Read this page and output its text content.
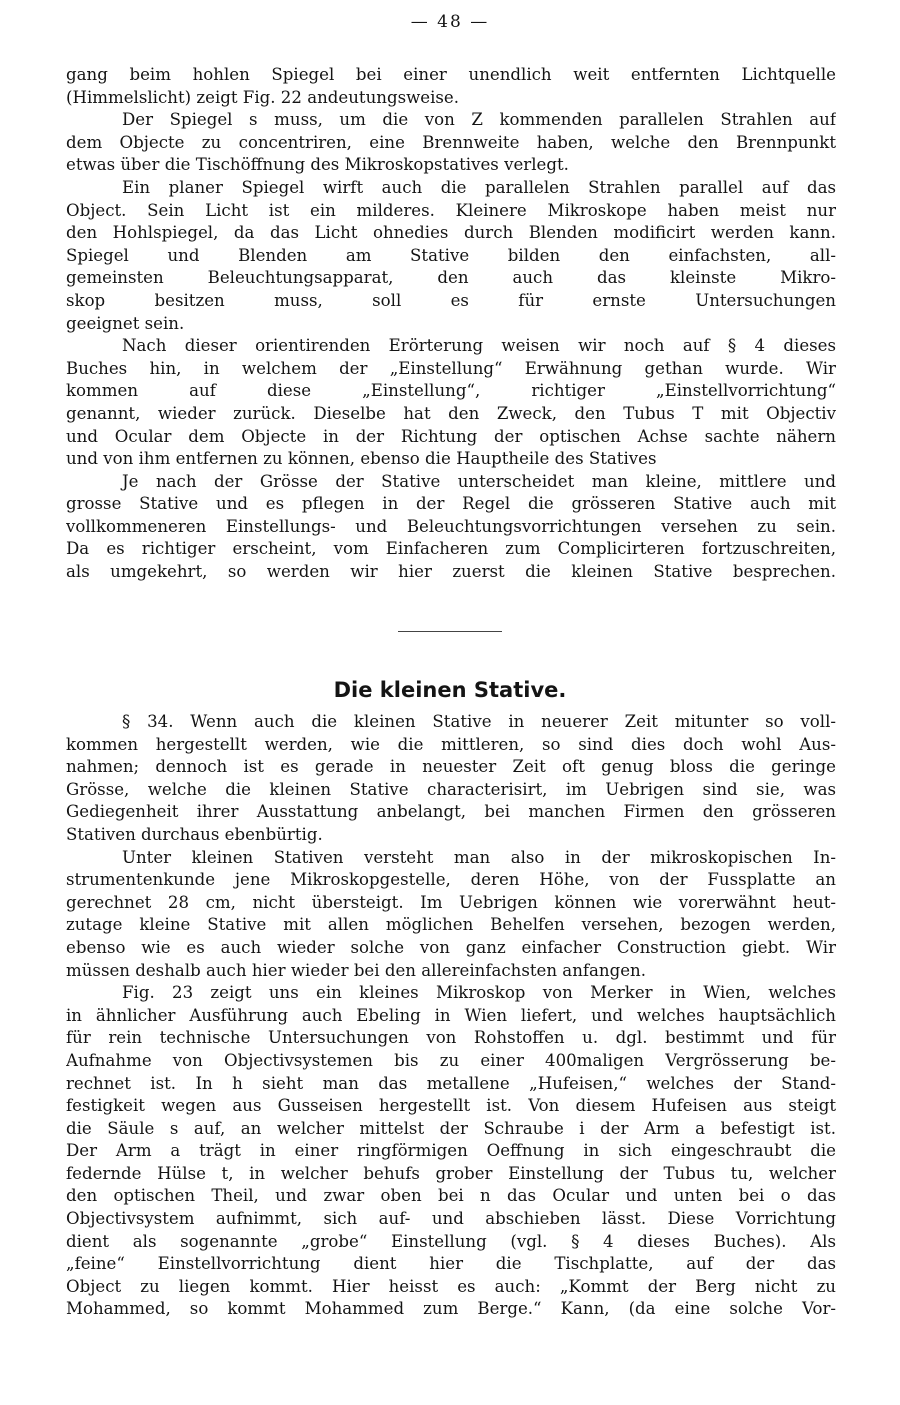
— 48 —
gang beim hohlen Spiegel bei einer unendlich weit entfernten Lichtquelle
(Himmelslicht) zeigt Fig. 22 andeutungsweise.
Der Spiegel s muss, um die von Z kommenden parallelen Strahlen auf
dem Objecte zu concentriren, eine Brennweite haben, welche den Brennpunkt
etwas über die Tischöffnung des Mikroskopstatives verlegt.
Ein planer Spiegel wirft auch die parallelen Strahlen parallel auf das
Object. Sein Licht ist ein milderes. Kleinere Mikroskope haben meist nur
den Hohlspiegel, da das Licht ohnedies durch Blenden modificirt werden kann.
Spiegel und Blenden am Stative bilden den einfachsten, all-
gemeinsten Beleuchtungsapparat, den auch das kleinste Mikro-
skop besitzen muss, soll es für ernste Untersuchungen
geeignet sein.
Nach dieser orientirenden Erörterung weisen wir noch auf § 4 dieses
Buches hin, in welchem der „Einstellung“ Erwähnung gethan wurde. Wir
kommen auf diese „Einstellung“, richtiger „Einstellvorrichtung“
genannt, wieder zurück. Dieselbe hat den Zweck, den Tubus T mit Objectiv
und Ocular dem Objecte in der Richtung der optischen Achse sachte nähern
und von ihm entfernen zu können, ebenso die Hauptheile des Statives
Je nach der Grösse der Stative unterscheidet man kleine, mittlere und
grosse Stative und es pflegen in der Regel die grösseren Stative auch mit
vollkommeneren Einstellungs- und Beleuchtungsvorrichtungen versehen zu sein.
Da es richtiger erscheint, vom Einfacheren zum Complicirteren fortzuschreiten,
als umgekehrt, so werden wir hier zuerst die kleinen Stative besprechen.
Die kleinen Stative.
§ 34. Wenn auch die kleinen Stative in neuerer Zeit mitunter so voll-
kommen hergestellt werden, wie die mittleren, so sind dies doch wohl Aus-
nahmen; dennoch ist es gerade in neuester Zeit oft genug bloss die geringe
Grösse, welche die kleinen Stative characterisirt, im Uebrigen sind sie, was
Gediegenheit ihrer Ausstattung anbelangt, bei manchen Firmen den grösseren
Stativen durchaus ebenbürtig.
Unter kleinen Stativen versteht man also in der mikroskopischen In-
strumentenkunde jene Mikroskopgestelle, deren Höhe, von der Fussplatte an
gerechnet 28 cm, nicht übersteigt. Im Uebrigen können wie vorerwähnt heut-
zutage kleine Stative mit allen möglichen Behelfen versehen, bezogen werden,
ebenso wie es auch wieder solche von ganz einfacher Construction giebt. Wir
müssen deshalb auch hier wieder bei den allereinfachsten anfangen.
Fig. 23 zeigt uns ein kleines Mikroskop von Merker in Wien, welches
in ähnlicher Ausführung auch Ebeling in Wien liefert, und welches hauptsächlich
für rein technische Untersuchungen von Rohstoffen u. dgl. bestimmt und für
Aufnahme von Objectivsystemen bis zu einer 400maligen Vergrösserung be-
rechnet ist. In h sieht man das metallene „Hufeisen,“ welches der Stand-
festigkeit wegen aus Gusseisen hergestellt ist. Von diesem Hufeisen aus steigt
die Säule s auf, an welcher mittelst der Schraube i der Arm a befestigt ist.
Der Arm a trägt in einer ringförmigen Oeffnung in sich eingeschraubt die
federnde Hülse t, in welcher behufs grober Einstellung der Tubus tu, welcher
den optischen Theil, und zwar oben bei n das Ocular und unten bei o das
Objectivsystem aufnimmt, sich auf- und abschieben lässt. Diese Vorrichtung
dient als sogenannte „grobe“ Einstellung (vgl. § 4 dieses Buches). Als
„feine“ Einstellvorrichtung dient hier die Tischplatte, auf der das
Object zu liegen kommt. Hier heisst es auch: „Kommt der Berg nicht zu
Mohammed, so kommt Mohammed zum Berge.“ Kann, (da eine solche Vor-
